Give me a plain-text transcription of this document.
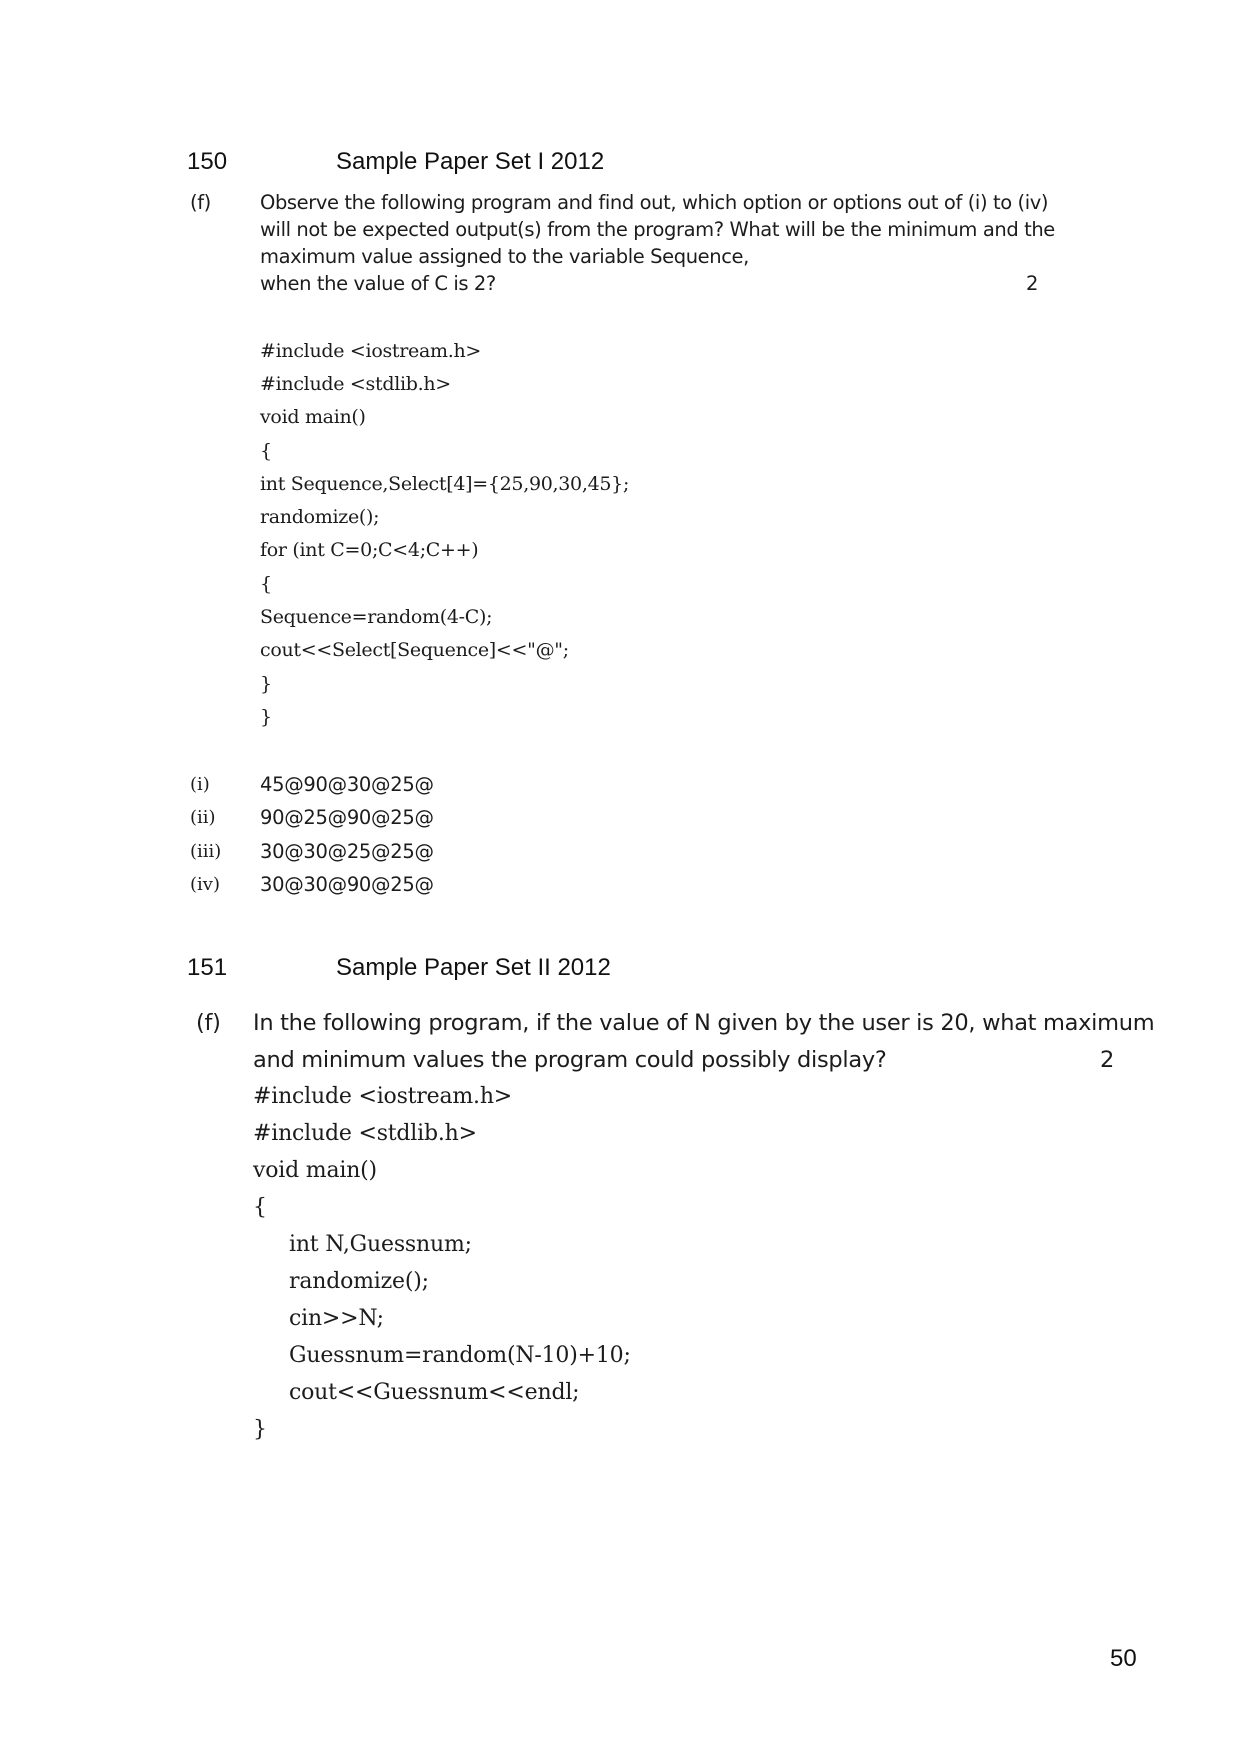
150	Sample Paper Set I 2012
(f)	Observe the following program and find out, which option or options out of (i) to (iv)
will not be expected output(s) from the program? What will be the minimum and the
maximum value assigned to the variable Sequence,
when the value of C is 2?	2
#include <iostream.h>
#include <stdlib.h>
void main()
{
int Sequence,Select[4]={25,90,30,45};
randomize();
for (int C=0;C<4;C++)
{
Sequence=random(4-C);
cout<<Select[Sequence]<<"@";
}
}
(i)	45@90@30@25@
(ii) 90@25@90@25@
(iii) 30@30@25@25@
(iv) 30@30@90@25@
151	Sample Paper Set II 2012
(f) In the following program, if the value of N given by the user is 20, what maximum
and minimum values the program could possibly display?	2
#include <iostream.h>
#include <stdlib.h>
void main()
{
int N,Guessnum;
randomize();
cin>>N;
Guessnum=random(N-10)+10;
cout<<Guessnum<<endl;
}
50
